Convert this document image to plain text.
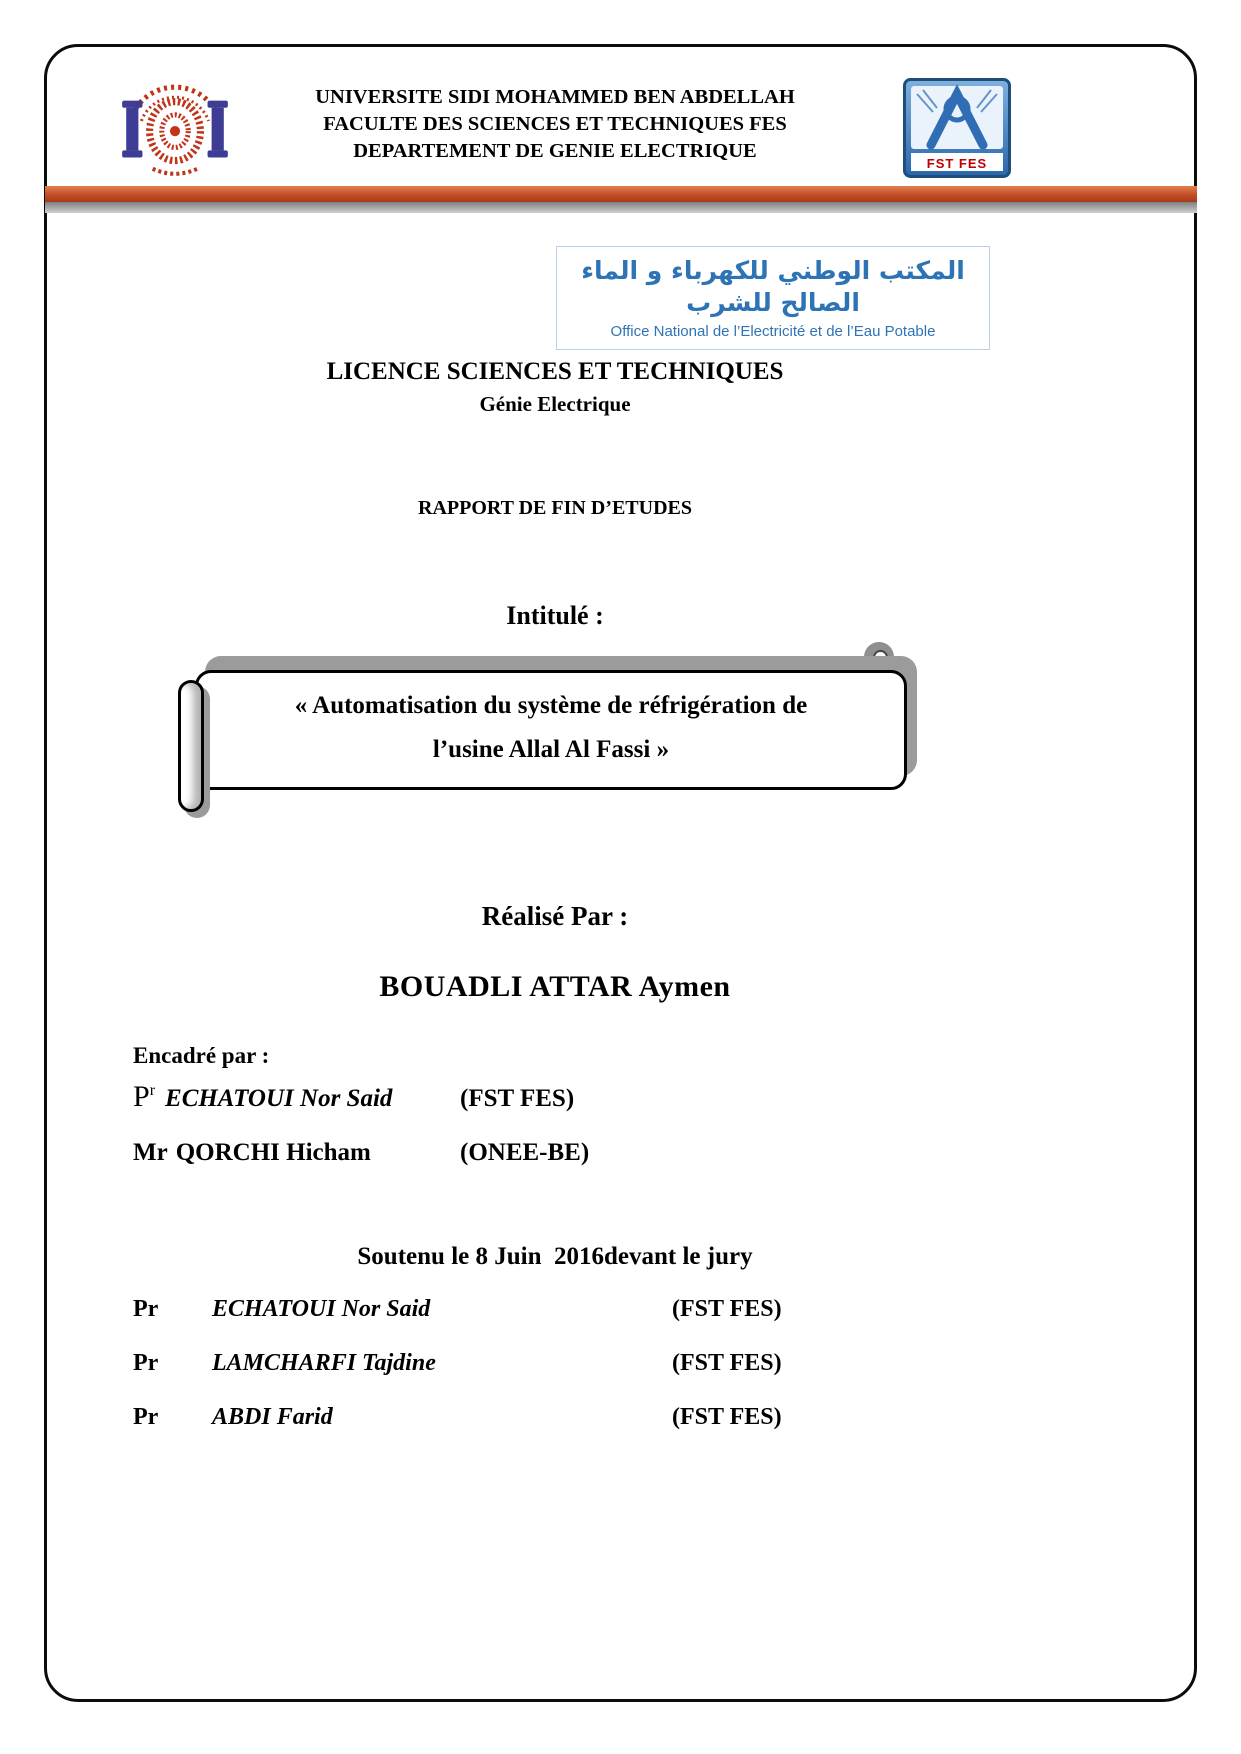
UNIVERSITE SIDI MOHAMMED BEN ABDELLAH
FACULTE DES SCIENCES ET TECHNIQUES FES
DEPARTEMENT DE GENIE ELECTRIQUE
FST FES
المكتب الوطني للكهرباء و الماء الصالح للشرب
Office National de l’Electricité et de l’Eau Potable
LICENCE SCIENCES ET TECHNIQUES
Génie Electrique
RAPPORT DE FIN D’ETUDES
Intitulé :
« Automatisation du système de réfrigération de
l’usine Allal Al Fassi »
Réalisé Par :
BOUADLI ATTAR Aymen
Encadré par :
$P^r$ ECHATOUI Nor Said	(FST FES)
Mr QORCHI Hicham	(ONEE-BE)
Soutenu le 8 Juin  2016devant le jury
Pr	ECHATOUI Nor Said	(FST FES)
Pr	LAMCHARFI Tajdine	(FST FES)
Pr	ABDI Farid	(FST FES)
